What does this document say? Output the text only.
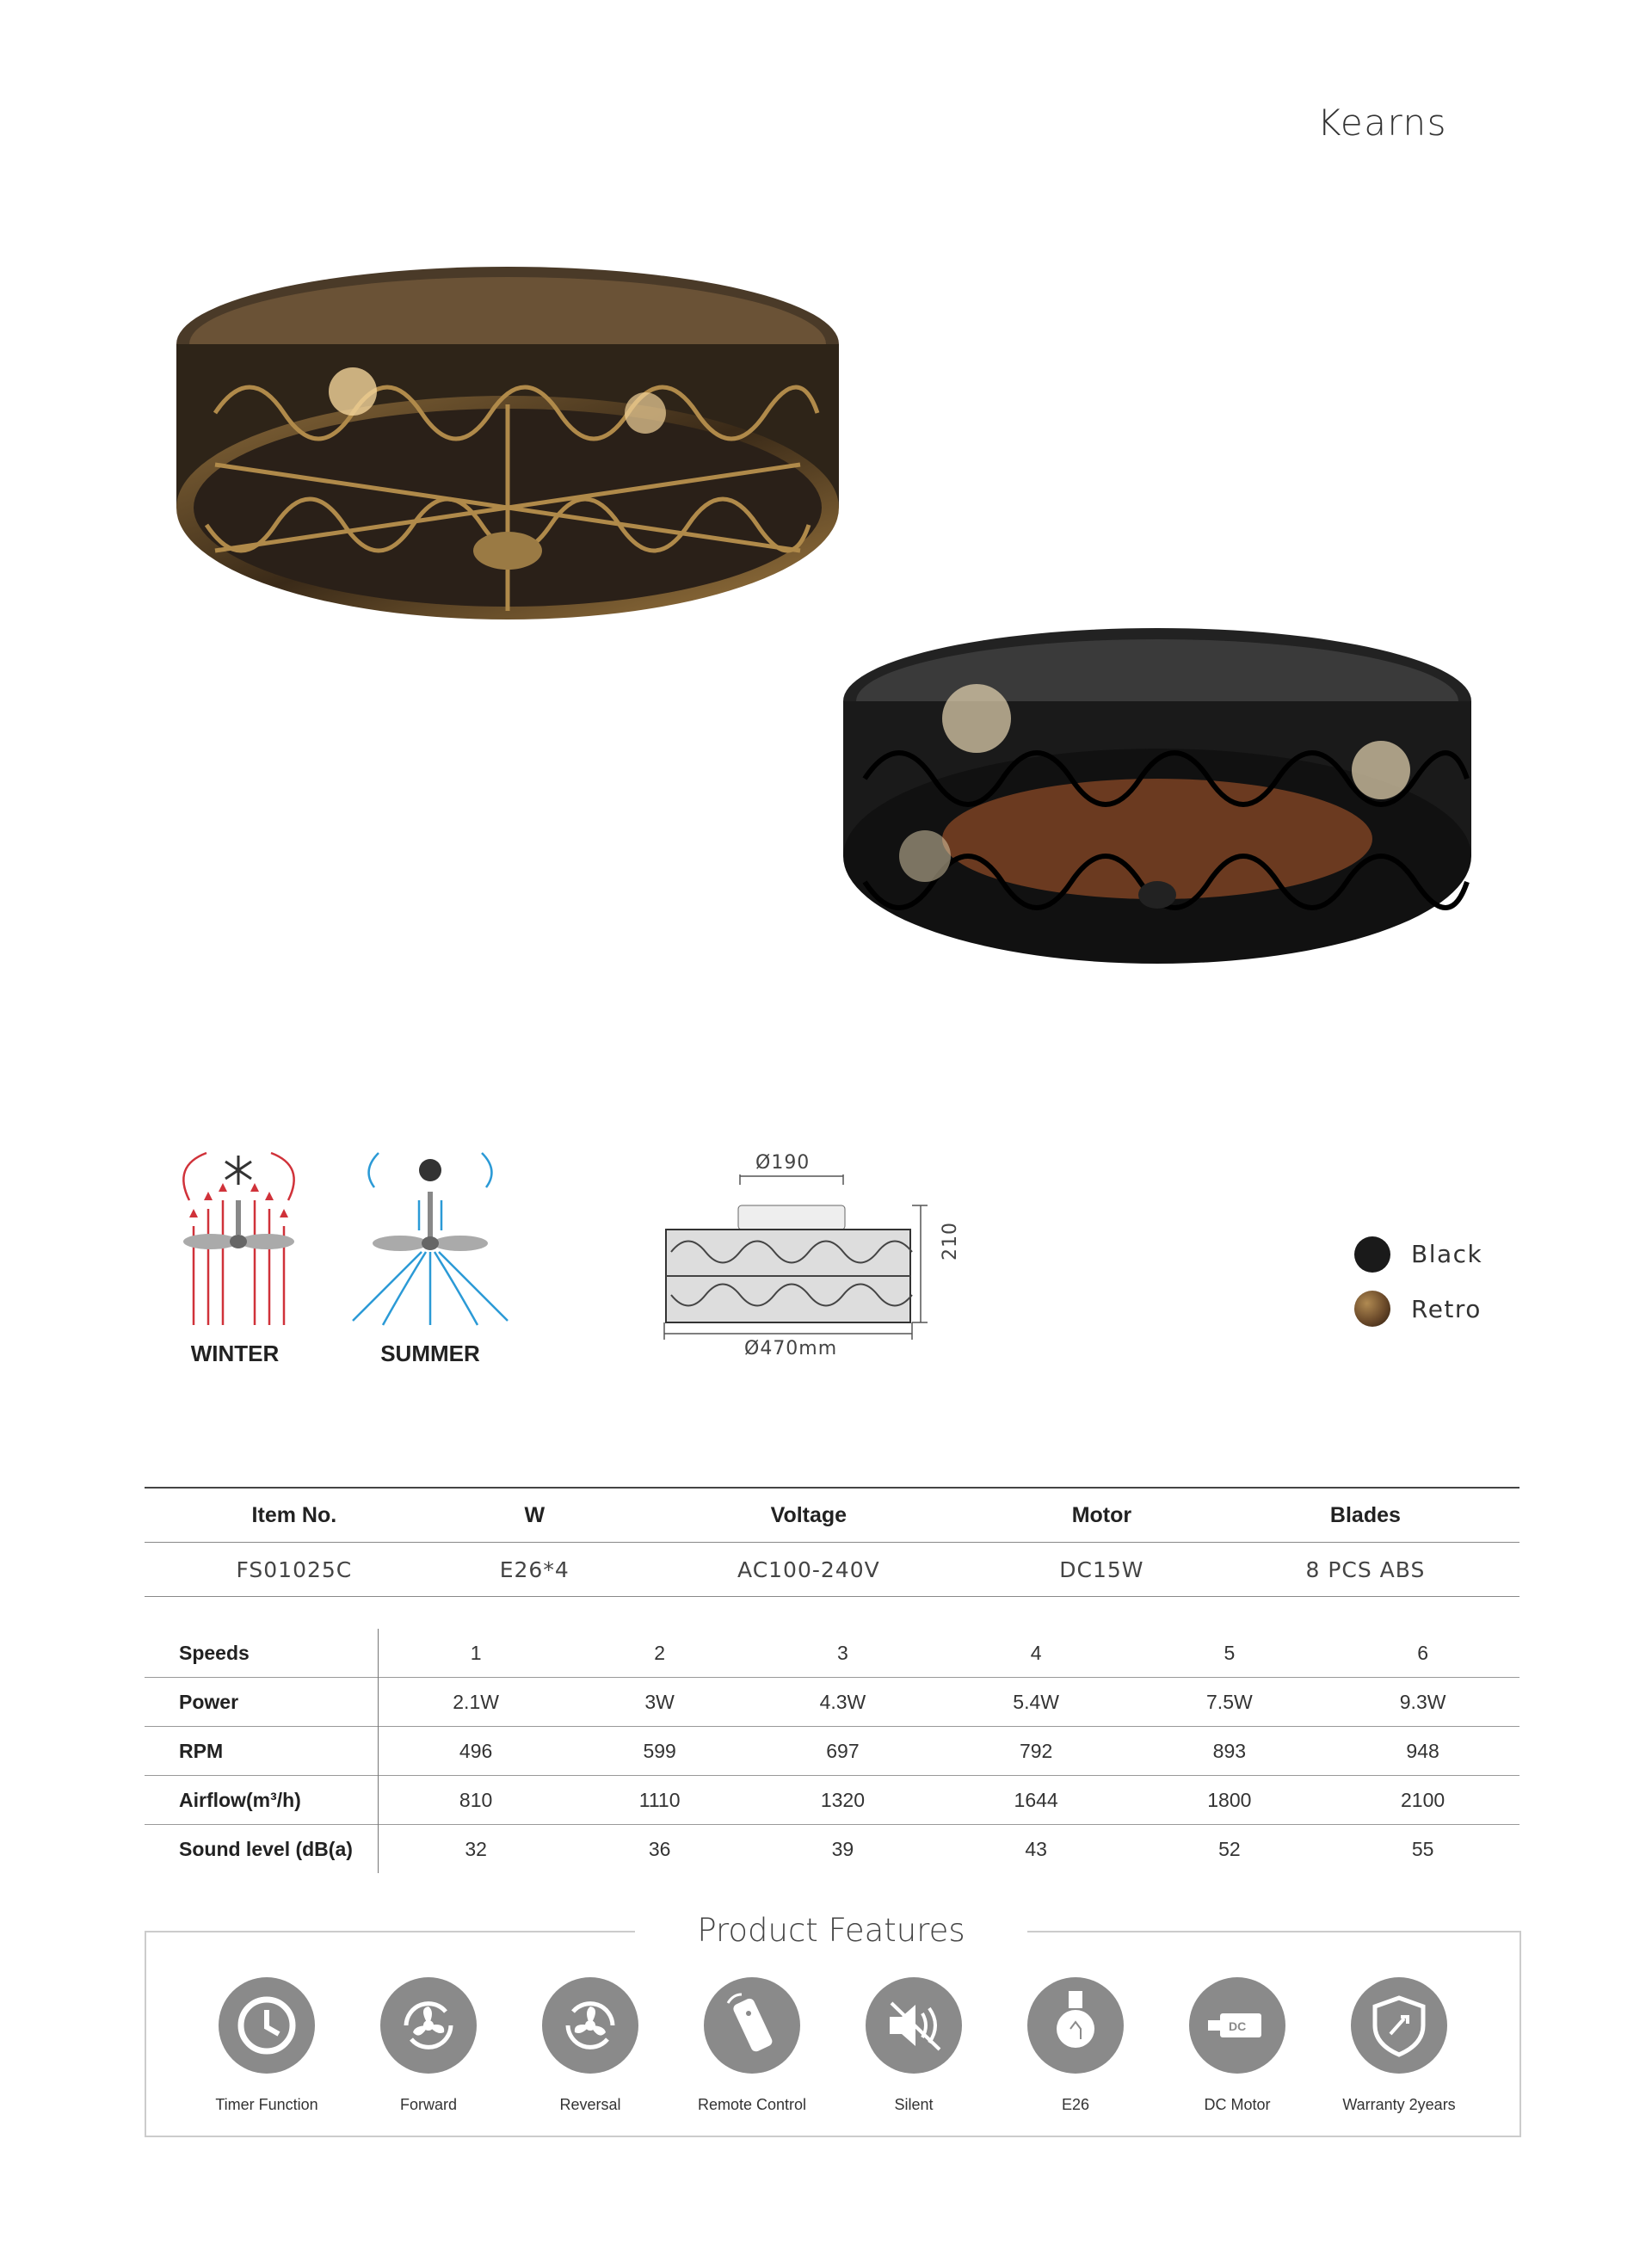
Kearns
WINTER	SUMMER
Ø190
210
Ø470mm
Black
Retro
Item No.	W	Voltage	Motor	Blades
FS01025C	E26*4	AC100-240V	DC15W	8 PCS ABS
Speeds	1	2	3	4	5	6
Power	2.1W	3W	4.3W	5.4W	7.5W	9.3W
RPM	496	599	697	792	893	948
Airflow(m³/h)	810	1110	1320	1644	1800	2100
Sound level (dB(a)	32	36	39	43	52	55
Product Features
Timer Function	Forward	Reversal	Remote Control	Silent	E26
DC
DC Motor	Warranty 2years
